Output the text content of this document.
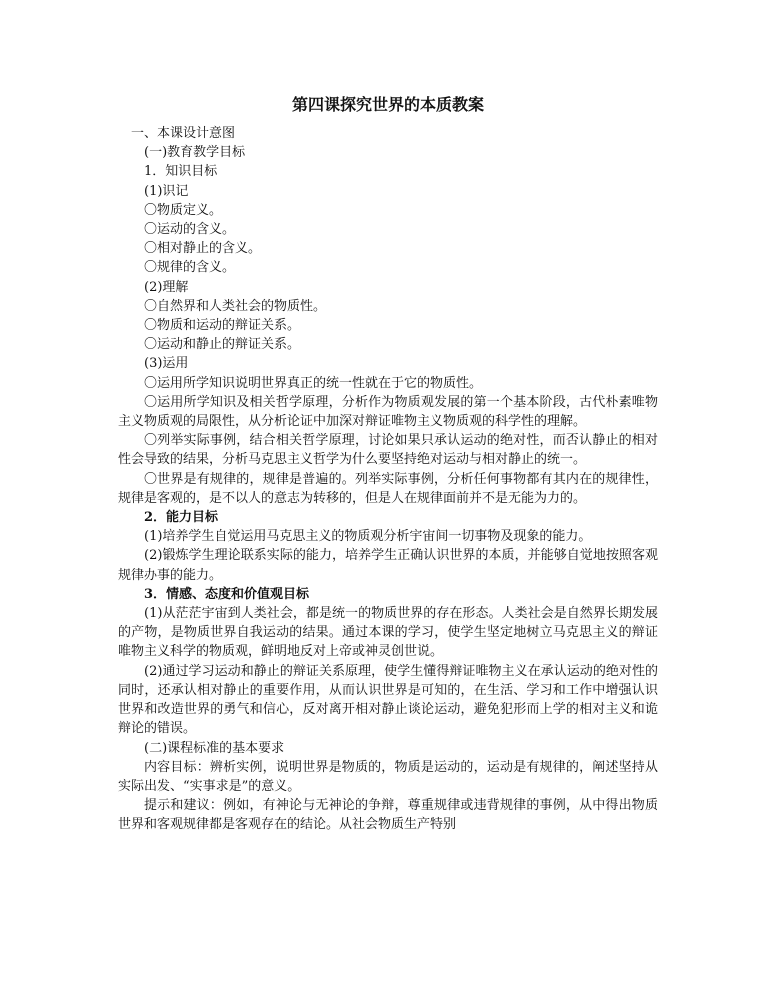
第四课探究世界的本质教案
一、本课设计意图
(一)教育教学目标
1．知识目标
(1)识记
〇物质定义。
〇运动的含义。
〇相对静止的含义。
〇规律的含义。
(2)理解
〇自然界和人类社会的物质性。
〇物质和运动的辩证关系。
〇运动和静止的辩证关系。
(3)运用

〇运用所学知识说明世界真正的统一性就在于它的物质性。

〇运用所学知识及相关哲学原理，分析作为物质观发展的第一个基本阶段，古代朴素唯物主义物质观的局限性，从分析论证中加深对辩证唯物主义物质观的科学性的理解。

〇列举实际事例，结合相关哲学原理，讨论如果只承认运动的绝对性，而否认静止的相对性会导致的结果，分析马克思主义哲学为什么要坚持绝对运动与相对静止的统一。

〇世界是有规律的，规律是普遍的。列举实际事例，分析任何事物都有其内在的规律性，规律是客观的，是不以人的意志为转移的，但是人在规律面前并不是无能为力的。

2．能力目标

(1)培养学生自觉运用马克思主义的物质观分析宇宙间一切事物及现象的能力。

(2)锻炼学生理论联系实际的能力，培养学生正确认识世界的本质，并能够自觉地按照客观规律办事的能力。

3．情感、态度和价值观目标

(1)从茫茫宇宙到人类社会，都是统一的物质世界的存在形态。人类社会是自然界长期发展的产物，是物质世界自我运动的结果。通过本课的学习，使学生坚定地树立马克思主义的辩证唯物主义科学的物质观，鲜明地反对上帝或神灵创世说。

(2)通过学习运动和静止的辩证关系原理，使学生懂得辩证唯物主义在承认运动的绝对性的同时，还承认相对静止的重要作用，从而认识世界是可知的，在生活、学习和工作中增强认识世界和改造世界的勇气和信心，反对离开相对静止谈论运动，避免犯形而上学的相对主义和诡辩论的错误。

(二)课程标准的基本要求

内容目标：辨析实例，说明世界是物质的，物质是运动的，运动是有规律的，阐述坚持从实际出发、“实事求是”的意义。

提示和建议：例如，有神论与无神论的争辩，尊重规律或违背规律的事例，从中得出物质世界和客观规律都是客观存在的结论。从社会物质生产特别
